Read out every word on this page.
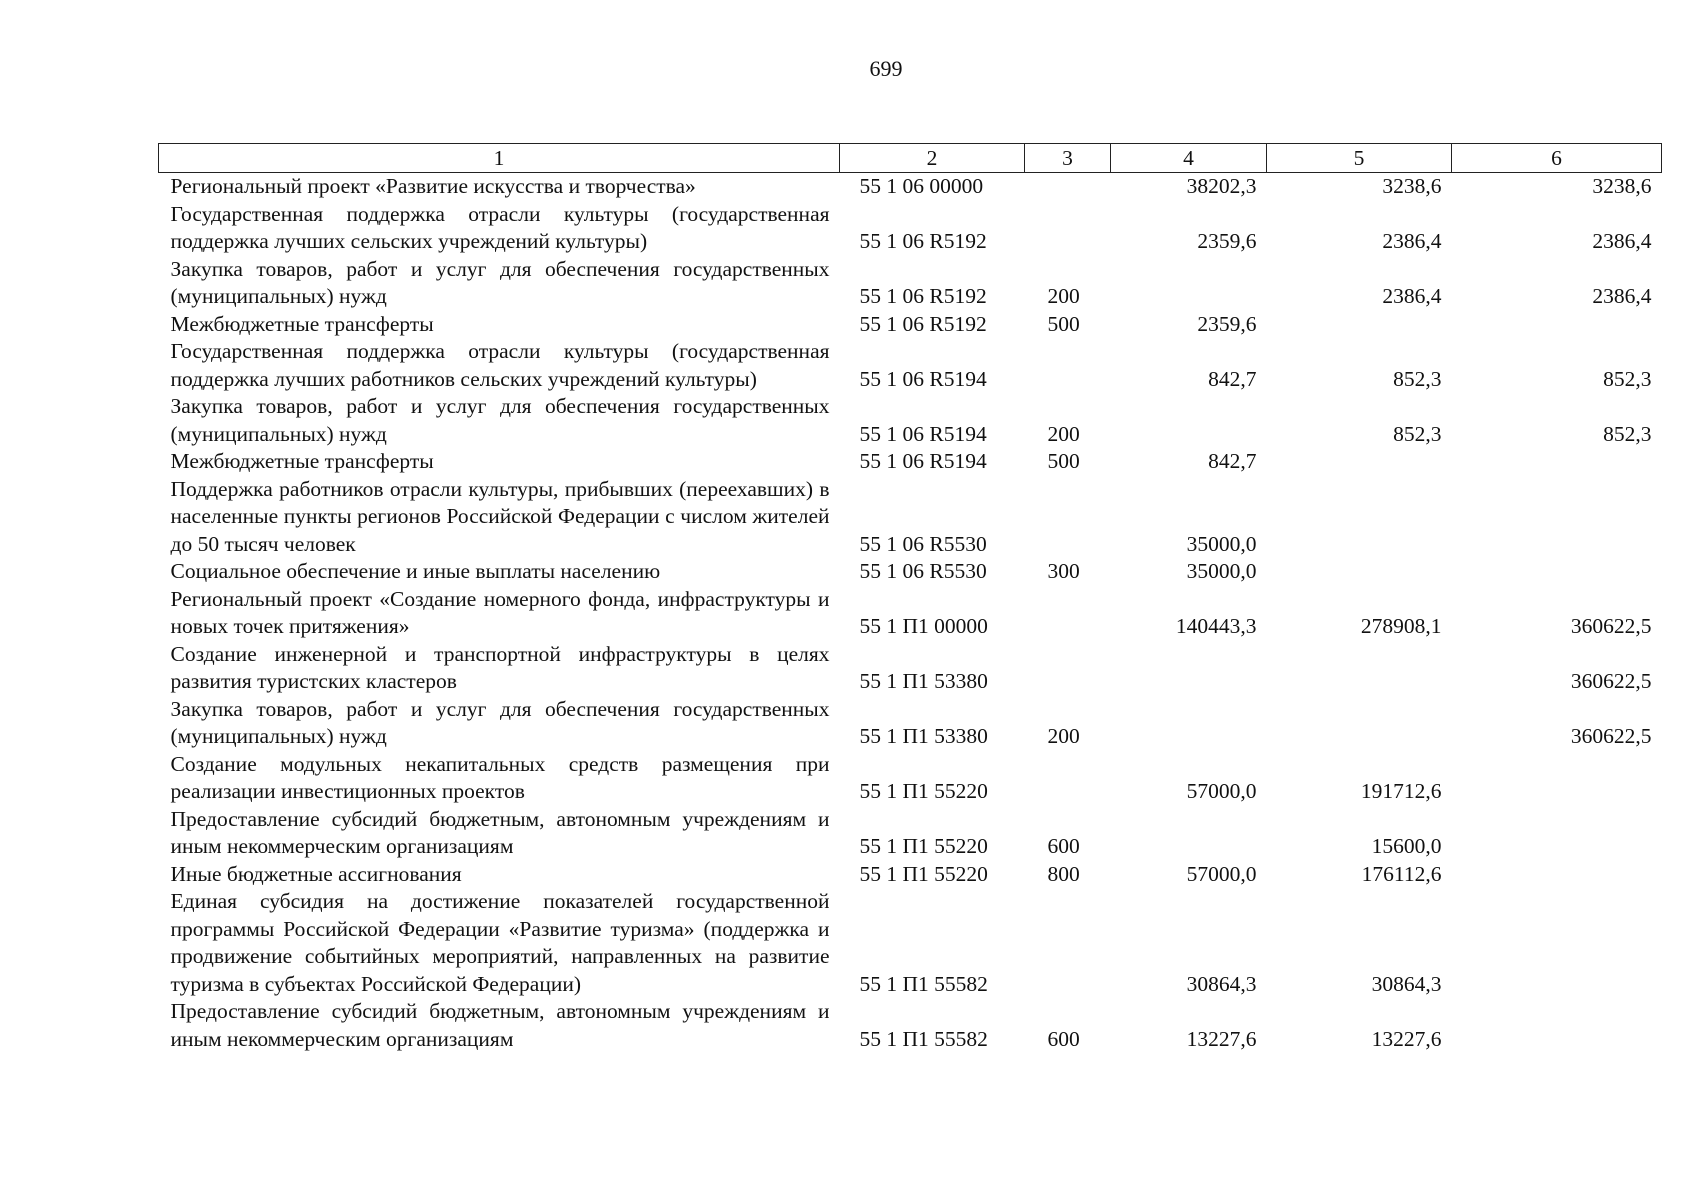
699
1	2	3	4	5	6
Региональный проект «Развитие искусства и творчества»	55 1 06 00000		38202,3	3238,6	3238,6
Государственная поддержка отрасли культуры (государственная поддержка лучших сельских учреждений культуры)	55 1 06 R5192		2359,6	2386,4	2386,4
Закупка товаров, работ и услуг для обеспечения государственных (муниципальных) нужд	55 1 06 R5192	200		2386,4	2386,4
Межбюджетные трансферты	55 1 06 R5192	500	2359,6		
Государственная поддержка отрасли культуры (государственная поддержка лучших работников сельских учреждений культуры)	55 1 06 R5194		842,7	852,3	852,3
Закупка товаров, работ и услуг для обеспечения государственных (муниципальных) нужд	55 1 06 R5194	200		852,3	852,3
Межбюджетные трансферты	55 1 06 R5194	500	842,7		
Поддержка работников отрасли культуры, прибывших (переехавших) в населенные пункты регионов Российской Федерации с числом жителей до 50 тысяч человек	55 1 06 R5530		35000,0		
Социальное обеспечение и иные выплаты населению	55 1 06 R5530	300	35000,0		
Региональный проект «Создание номерного фонда, инфраструктуры и новых точек притяжения»	55 1 П1 00000		140443,3	278908,1	360622,5
Создание инженерной и транспортной инфраструктуры в целях развития туристских кластеров	55 1 П1 53380				360622,5
Закупка товаров, работ и услуг для обеспечения государственных (муниципальных) нужд	55 1 П1 53380	200			360622,5
Создание модульных некапитальных средств размещения при реализации инвестиционных проектов	55 1 П1 55220		57000,0	191712,6	
Предоставление субсидий бюджетным, автономным учреждениям и иным некоммерческим организациям	55 1 П1 55220	600		15600,0	
Иные бюджетные ассигнования	55 1 П1 55220	800	57000,0	176112,6	
Единая субсидия на достижение показателей государственной программы Российской Федерации «Развитие туризма» (поддержка и продвижение событийных мероприятий, направленных на развитие туризма в субъектах Российской Федерации)	55 1 П1 55582		30864,3	30864,3	
Предоставление субсидий бюджетным, автономным учреждениям и иным некоммерческим организациям	55 1 П1 55582	600	13227,6	13227,6	
